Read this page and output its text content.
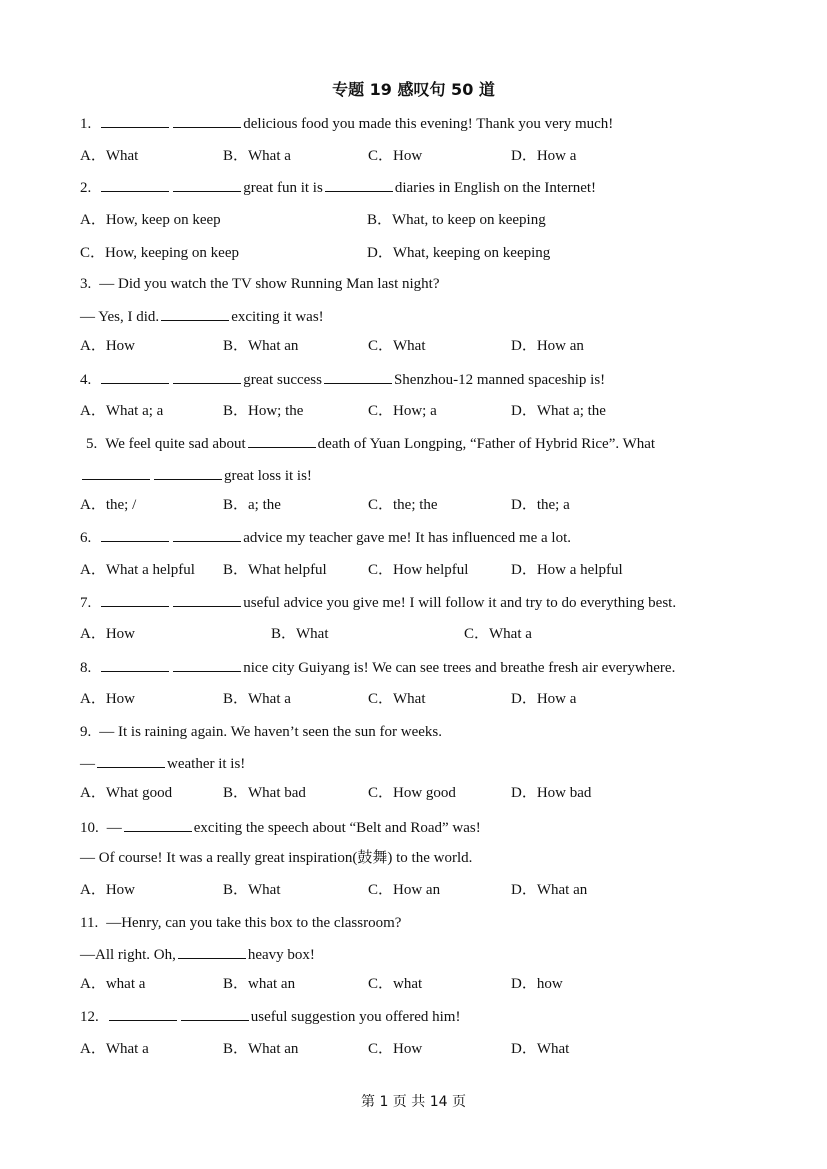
专题 19 感叹句 50 道
1.	delicious food you made this evening! Thank you very much!
A．What	B．What a	C．How	D．How a
2.	great fun it is	diaries in English on the Internet!
A．How, keep on keep	B．What, to keep on keeping
C．How, keeping on keep	D．What, keeping on keeping
3. — Did you watch the TV show Running Man last night?
— Yes, I did.	exciting it was!
A．How	B．What an	C．What	D．How an
4.	great success	Shenzhou-12 manned spaceship is!
A．What a; a	B．How; the	C．How; a	D．What a; the
5. We feel quite sad about	death of Yuan Longping, “Father of Hybrid Rice”. What
great loss it is!
A．the; /	B．a; the	C．the; the	D．the; a
6.	advice my teacher gave me! It has influenced me a lot.
A．What a helpful B．What helpful	C．How helpful	D．How a helpful
7.	useful advice you give me! I will follow it and try to do everything best.
A．How	B．What	C．What a
8.	nice city Guiyang is! We can see trees and breathe fresh air everywhere.
A．How	B．What a	C．What	D．How a
9. — It is raining again. We haven’t seen the sun for weeks.
—	weather it is!
A．What good	B．What bad	C．How good	D．How bad
10. —	exciting the speech about “Belt and Road” was!
— Of course! It was a really great inspiration(鼓舞) to the world.
A．How	B．What	C．How an	D．What an
11. —Henry, can you take this box to the classroom?
—All right. Oh,	heavy box!
A．what a	B．what an	C．what	D．how
12.	useful suggestion you offered him!
A．What a	B．What an	C．How	D．What
第 1 页 共 14 页
